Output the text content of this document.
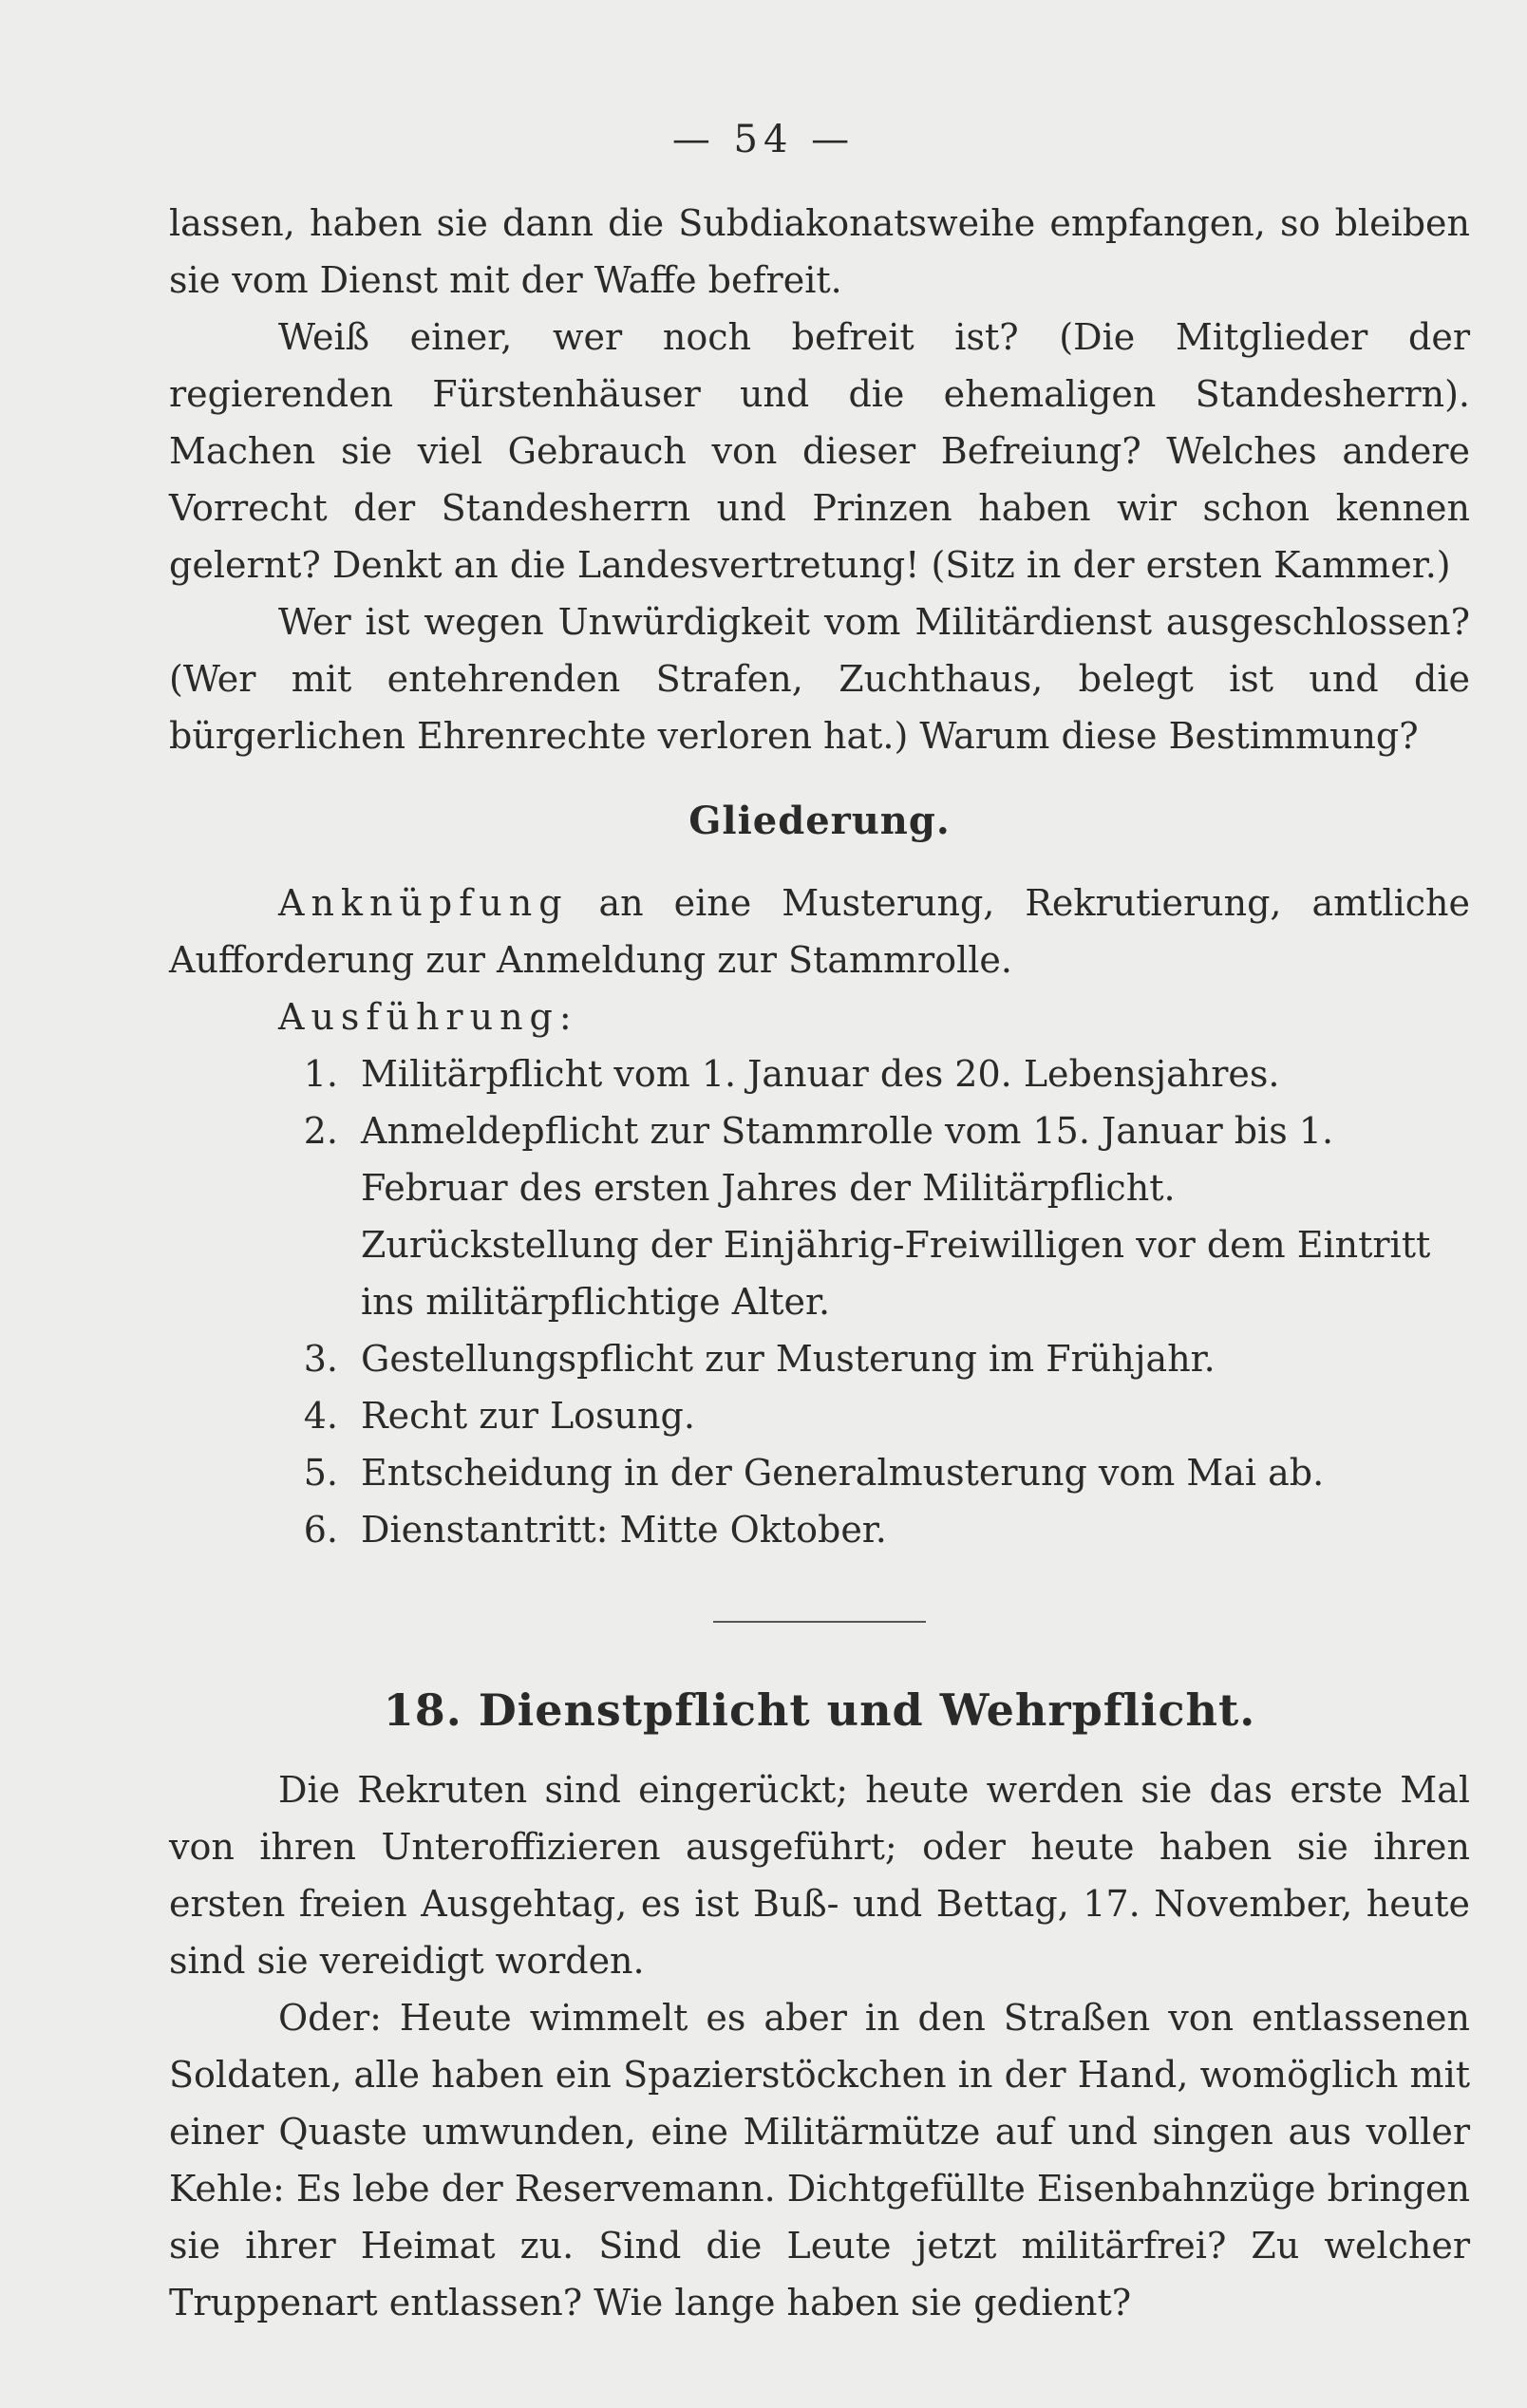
— 54 —

lassen, haben sie dann die Subdiakonatsweihe empfangen, so bleiben sie vom Dienst mit der Waffe befreit.

Weiß einer, wer noch befreit ist? (Die Mitglieder der regierenden Fürstenhäuser und die ehemaligen Standesherrn). Machen sie viel Gebrauch von dieser Befreiung? Welches andere Vorrecht der Standesherrn und Prinzen haben wir schon kennen gelernt? Denkt an die Landesvertretung! (Sitz in der ersten Kammer.)

Wer ist wegen Unwürdigkeit vom Militärdienst ausgeschlossen? (Wer mit entehrenden Strafen, Zuchthaus, belegt ist und die bürgerlichen Ehrenrechte verloren hat.) Warum diese Bestimmung?

Gliederung.

Anknüpfung an eine Musterung, Rekrutierung, amtliche Aufforderung zur Anmeldung zur Stammrolle.

Ausführung:

1. Militärpflicht vom 1. Januar des 20. Lebensjahres.
2. Anmeldepflicht zur Stammrolle vom 15. Januar bis 1. Februar des ersten Jahres der Militärpflicht.
Zurückstellung der Einjährig-Freiwilligen vor dem Eintritt ins militärpflichtige Alter.
3. Gestellungspflicht zur Musterung im Frühjahr.
4. Recht zur Losung.
5. Entscheidung in der Generalmusterung vom Mai ab.
6. Dienstantritt: Mitte Oktober.
18. Dienstpflicht und Wehrpflicht.

Die Rekruten sind eingerückt; heute werden sie das erste Mal von ihren Unteroffizieren ausgeführt; oder heute haben sie ihren ersten freien Ausgehtag, es ist Buß- und Bettag, 17. November, heute sind sie vereidigt worden.

Oder: Heute wimmelt es aber in den Straßen von entlassenen Soldaten, alle haben ein Spazierstöckchen in der Hand, womöglich mit einer Quaste umwunden, eine Militärmütze auf und singen aus voller Kehle: Es lebe der Reservemann. Dichtgefüllte Eisenbahnzüge bringen sie ihrer Heimat zu. Sind die Leute jetzt militärfrei? Zu welcher Truppenart entlassen? Wie lange haben sie gedient?
